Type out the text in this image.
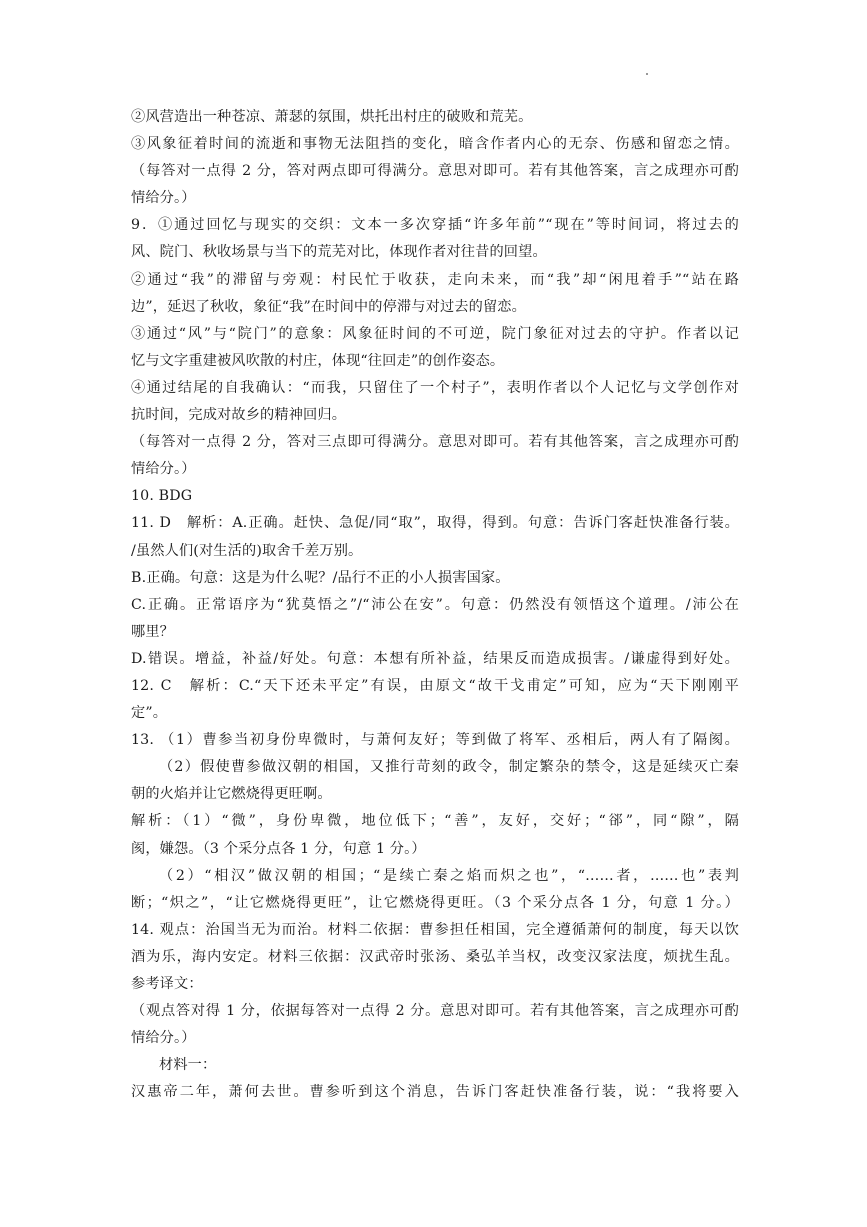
②风营造出一种苍凉、萧瑟的氛围，烘托出村庄的破败和荒芜。
③风象征着时间的流逝和事物无法阻挡的变化，暗含作者内心的无奈、伤感和留恋之情。
（每答对一点得 2 分，答对两点即可得满分。意思对即可。若有其他答案，言之成理亦可酌
情给分。）
9．①通过回忆与现实的交织：文本一多次穿插“许多年前”“现在”等时间词，将过去的
风、院门、秋收场景与当下的荒芜对比，体现作者对往昔的回望。
②通过“我”的滞留与旁观：村民忙于收获，走向未来，而“我”却“闲甩着手”“站在路
边”，延迟了秋收，象征“我”在时间中的停滞与对过去的留恋。
③通过“风”与“院门”的意象：风象征时间的不可逆，院门象征对过去的守护。作者以记
忆与文字重建被风吹散的村庄，体现“往回走”的创作姿态。
④通过结尾的自我确认：“而我，只留住了一个村子”，表明作者以个人记忆与文学创作对
抗时间，完成对故乡的精神回归。
（每答对一点得 2 分，答对三点即可得满分。意思对即可。若有其他答案，言之成理亦可酌
情给分。）
10. BDG
11. D　解析：A.正确。赶快、急促/同“取”，取得，得到。句意：告诉门客赶快准备行装。
/虽然人们(对生活的)取舍千差万别。
B.正确。句意：这是为什么呢？/品行不正的小人损害国家。
C.正确。正常语序为“犹莫悟之”/“沛公在安”。句意：仍然没有领悟这个道理。/沛公在
哪里？
D.错误。增益，补益/好处。句意：本想有所补益，结果反而造成损害。/谦虚得到好处。
12. C　解析：C.“天下还未平定”有误，由原文“故干戈甫定”可知，应为“天下刚刚平
定”。
13. （1）曹参当初身份卑微时，与萧何友好；等到做了将军、丞相后，两人有了隔阂。
（2）假使曹参做汉朝的相国，又推行苛刻的政令，制定繁杂的禁令，这是延续灭亡秦
朝的火焰并让它燃烧得更旺啊。
解析：（1）“微”，身份卑微，地位低下；“善”，友好，交好；“郤”，同“隙”，隔
阂，嫌怨。（3 个采分点各 1 分，句意 1 分。）
（2）“相汉”做汉朝的相国；“是续亡秦之焰而炽之也”，“……者，……也”表判
断；“炽之”，“让它燃烧得更旺”，让它燃烧得更旺。（3 个采分点各 1 分，句意 1 分。）
14. 观点：治国当无为而治。材料二依据：曹参担任相国，完全遵循萧何的制度，每天以饮
酒为乐，海内安定。材料三依据：汉武帝时张汤、桑弘羊当权，改变汉家法度，烦扰生乱。
参考译文：
（观点答对得 1 分，依据每答对一点得 2 分。意思对即可。若有其他答案，言之成理亦可酌
情给分。）
材料一：
汉惠帝二年，萧何去世。曹参听到这个消息，告诉门客赶快准备行装，说：“我将要入
